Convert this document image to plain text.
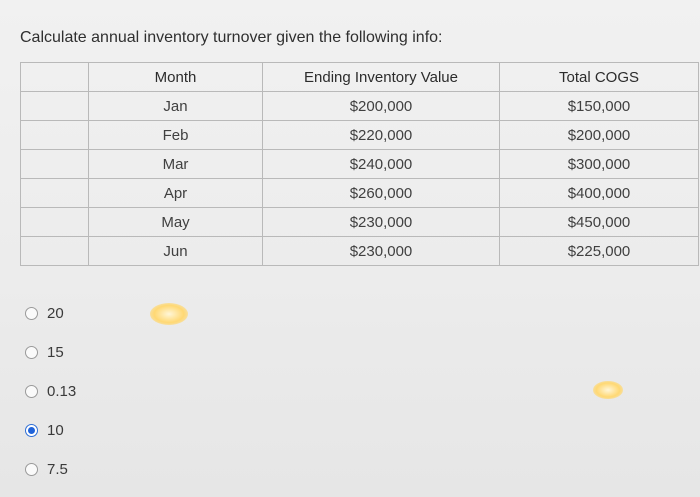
Calculate annual inventory turnover given the following info:
	Month	Ending Inventory Value	Total COGS
	Jan	$200,000	$150,000
	Feb	$220,000	$200,000
	Mar	$240,000	$300,000
	Apr	$260,000	$400,000
	May	$230,000	$450,000
	Jun	$230,000	$225,000
20
15
0.13
10
7.5
